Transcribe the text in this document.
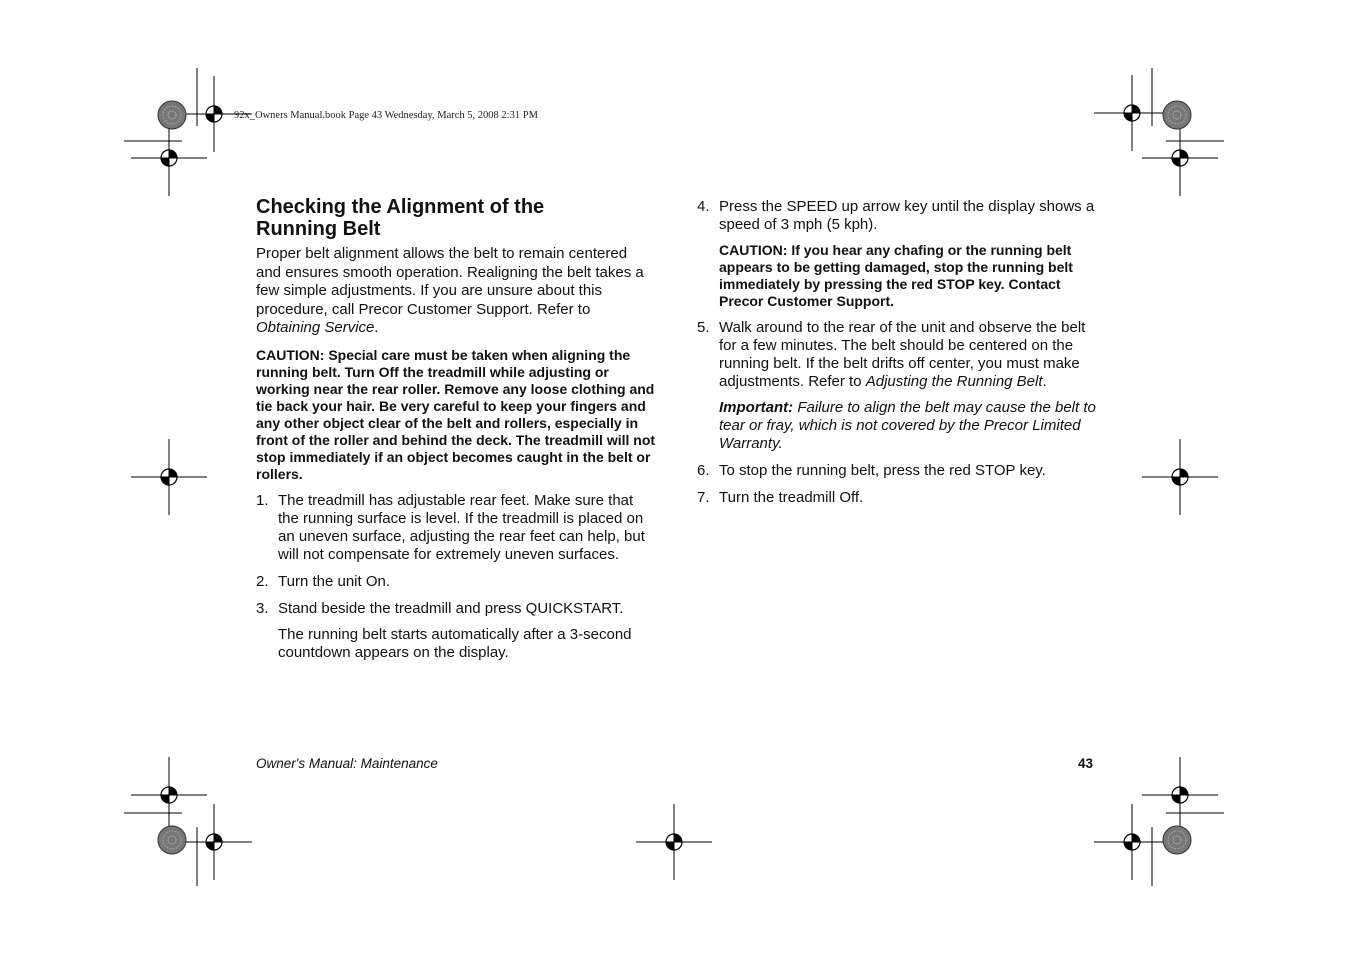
92x_Owners Manual.book Page 43 Wednesday, March 5, 2008 2:31 PM
Checking the Alignment of the Running Belt

Proper belt alignment allows the belt to remain centered and ensures smooth operation. Realigning the belt takes a few simple adjustments. If you are unsure about this procedure, call Precor Customer Support. Refer to Obtaining Service.

CAUTION: Special care must be taken when aligning the running belt. Turn Off the treadmill while adjusting or working near the rear roller. Remove any loose clothing and tie back your hair. Be very careful to keep your fingers and any other object clear of the belt and rollers, especially in front of the roller and behind the deck. The treadmill will not stop immediately if an object becomes caught in the belt or rollers.

1. The treadmill has adjustable rear feet. Make sure that the running surface is level. If the treadmill is placed on an uneven surface, adjusting the rear feet can help, but will not compensate for extremely uneven surfaces.

2. Turn the unit On.

3. Stand beside the treadmill and press QUICKSTART.

The running belt starts automatically after a 3-second countdown appears on the display.

4. Press the SPEED up arrow key until the display shows a speed of 3 mph (5 kph).

CAUTION: If you hear any chafing or the running belt appears to be getting damaged, stop the running belt immediately by pressing the red STOP key. Contact Precor Customer Support.

5. Walk around to the rear of the unit and observe the belt for a few minutes. The belt should be centered on the running belt. If the belt drifts off center, you must make adjustments. Refer to Adjusting the Running Belt.

Important: Failure to align the belt may cause the belt to tear or fray, which is not covered by the Precor Limited Warranty.

6. To stop the running belt, press the red STOP key.

7. Turn the treadmill Off.

Owner's Manual: Maintenance	43
